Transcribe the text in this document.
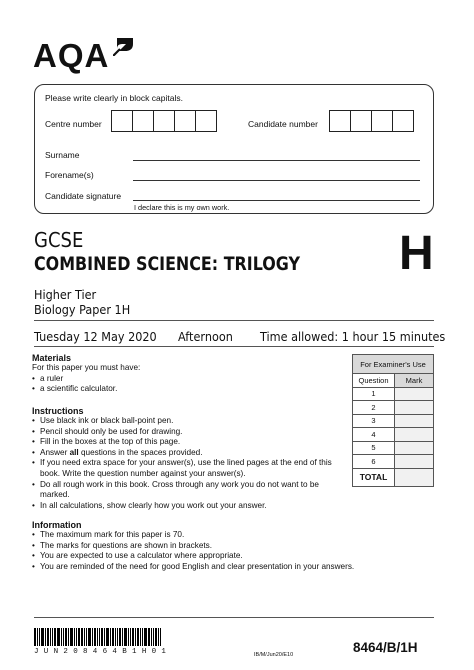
AQA
Please write clearly in block capitals.
Centre number	Candidate number
Surname
Forename(s)
Candidate signature
I declare this is my own work.
GCSE
COMBINED SCIENCE: TRILOGY H
Higher Tier
Biology Paper 1H
Tuesday 12 May 2020 Afternoon Time allowed: 1 hour 15 minutes
Materials
For this paper you must have:
• a ruler
• a scientific calculator.
Instructions
• Use black ink or black ball-point pen.
• Pencil should only be used for drawing.
• Fill in the boxes at the top of this page.
• Answer all questions in the spaces provided.
• If you need extra space for your answer(s), use the lined pages at the end of this book. Write the question number against your answer(s).
• Do all rough work in this book. Cross through any work you do not want to be marked.
• In all calculations, show clearly how you work out your answer.
Information
• The maximum mark for this paper is 70.
• The marks for questions are shown in brackets.
• You are expected to use a calculator where appropriate.
• You are reminded of the need for good English and clear presentation in your answers.
For Examiner's Use	
Question	Mark
1	
2	
3	
4	
5	
6	
TOTAL	
J U N 2 0 8 4 6 4 B 1 H 0 1	IB/M/Jun20/E10	8464/B/1H
